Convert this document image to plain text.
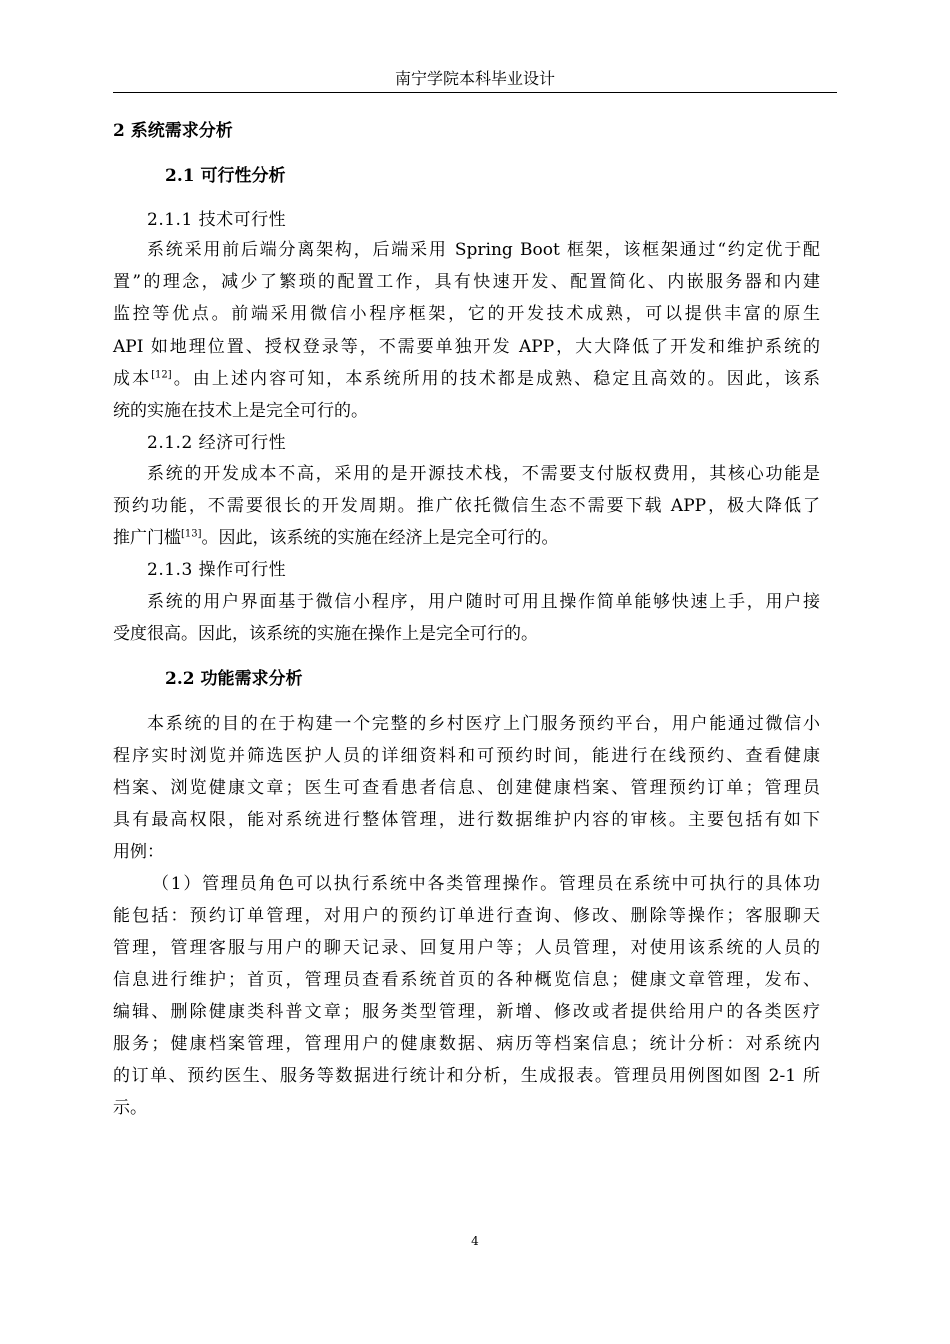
南宁学院本科毕业设计
2 系统需求分析
2.1 可行性分析
2.1.1 技术可行性
系统采用前后端分离架构，后端采用 Spring Boot 框架，该框架通过“约定优于配
置”的理念，减少了繁琐的配置工作，具有快速开发、配置简化、内嵌服务器和内建
监控等优点。前端采用微信小程序框架，它的开发技术成熟，可以提供丰富的原生
API 如地理位置、授权登录等，不需要单独开发 APP，大大降低了开发和维护系统的
成本[12]。由上述内容可知，本系统所用的技术都是成熟、稳定且高效的。因此，该系
统的实施在技术上是完全可行的。
2.1.2 经济可行性
系统的开发成本不高，采用的是开源技术栈，不需要支付版权费用，其核心功能是
预约功能，不需要很长的开发周期。推广依托微信生态不需要下载 APP，极大降低了
推广门槛[13]。因此，该系统的实施在经济上是完全可行的。
2.1.3 操作可行性
系统的用户界面基于微信小程序，用户随时可用且操作简单能够快速上手，用户接
受度很高。因此，该系统的实施在操作上是完全可行的。
2.2 功能需求分析
本系统的目的在于构建一个完整的乡村医疗上门服务预约平台，用户能通过微信小
程序实时浏览并筛选医护人员的详细资料和可预约时间，能进行在线预约、查看健康
档案、浏览健康文章；医生可查看患者信息、创建健康档案、管理预约订单；管理员
具有最高权限，能对系统进行整体管理，进行数据维护内容的审核。主要包括有如下
用例：
（1）管理员角色可以执行系统中各类管理操作。管理员在系统中可执行的具体功
能包括：预约订单管理，对用户的预约订单进行查询、修改、删除等操作；客服聊天
管理，管理客服与用户的聊天记录、回复用户等；人员管理，对使用该系统的人员的
信息进行维护；首页，管理员查看系统首页的各种概览信息；健康文章管理，发布、
编辑、删除健康类科普文章；服务类型管理，新增、修改或者提供给用户的各类医疗
服务；健康档案管理，管理用户的健康数据、病历等档案信息；统计分析：对系统内
的订单、预约医生、服务等数据进行统计和分析，生成报表。管理员用例图如图 2-1 所
示。
4
